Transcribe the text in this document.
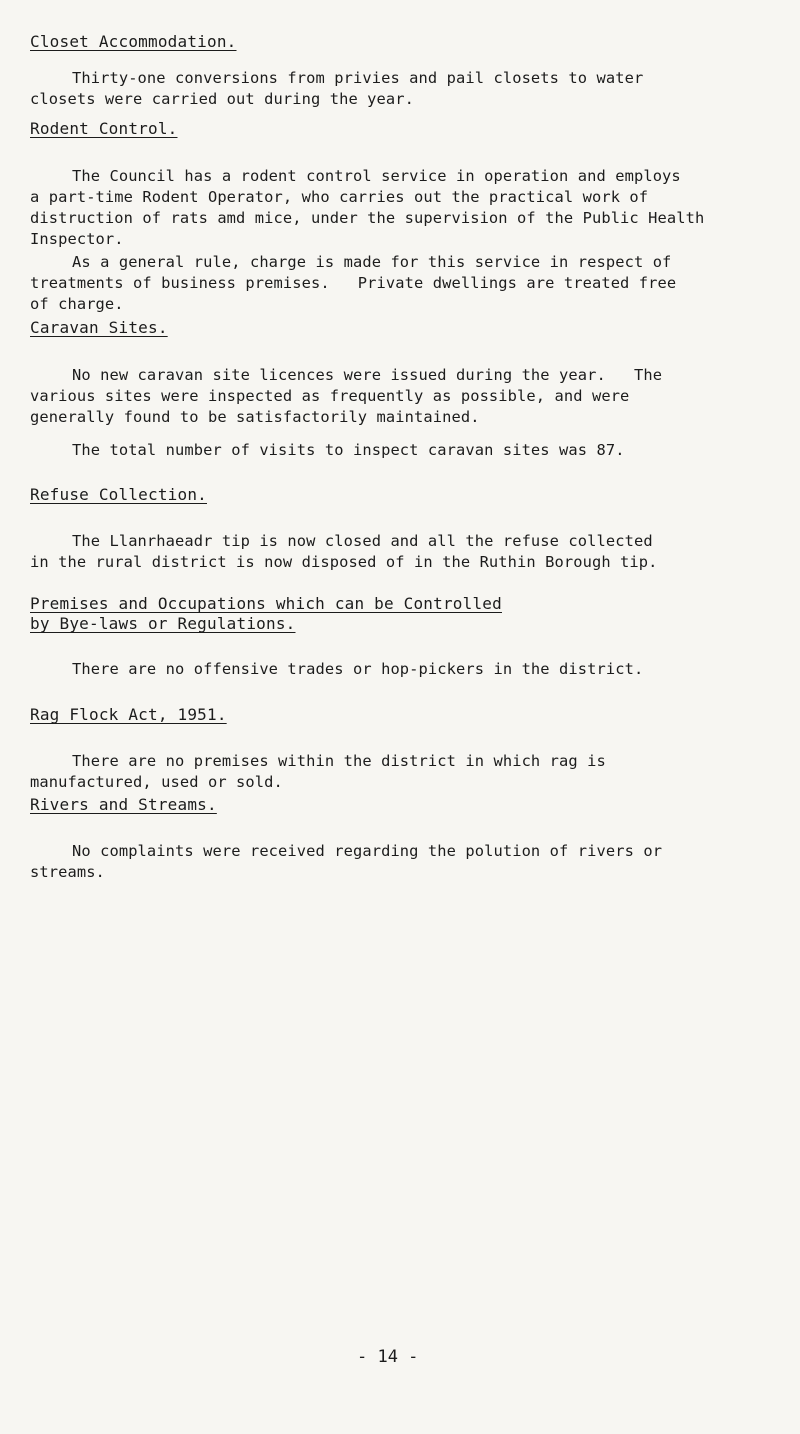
Closet Accommodation.
Thirty-one conversions from privies and pail closets to water
closets were carried out during the year.
Rodent Control.
The Council has a rodent control service in operation and employs
a part-time Rodent Operator, who carries out the practical work of
distruction of rats amd mice, under the supervision of the Public Health
Inspector.
As a general rule, charge is made for this service in respect of
treatments of business premises.   Private dwellings are treated free
of charge.
Caravan Sites.
No new caravan site licences were issued during the year.   The
various sites were inspected as frequently as possible, and were
generally found to be satisfactorily maintained.
The total number of visits to inspect caravan sites was 87.
Refuse Collection.
The Llanrhaeadr tip is now closed and all the refuse collected
in the rural district is now disposed of in the Ruthin Borough tip.
Premises and Occupations which can be Controlled
by Bye-laws or Regulations.
There are no offensive trades or hop-pickers in the district.
Rag Flock Act, 1951.
There are no premises within the district in which rag is
manufactured, used or sold.
Rivers and Streams.
No complaints were received regarding the polution of rivers or
streams.
- 14 -
